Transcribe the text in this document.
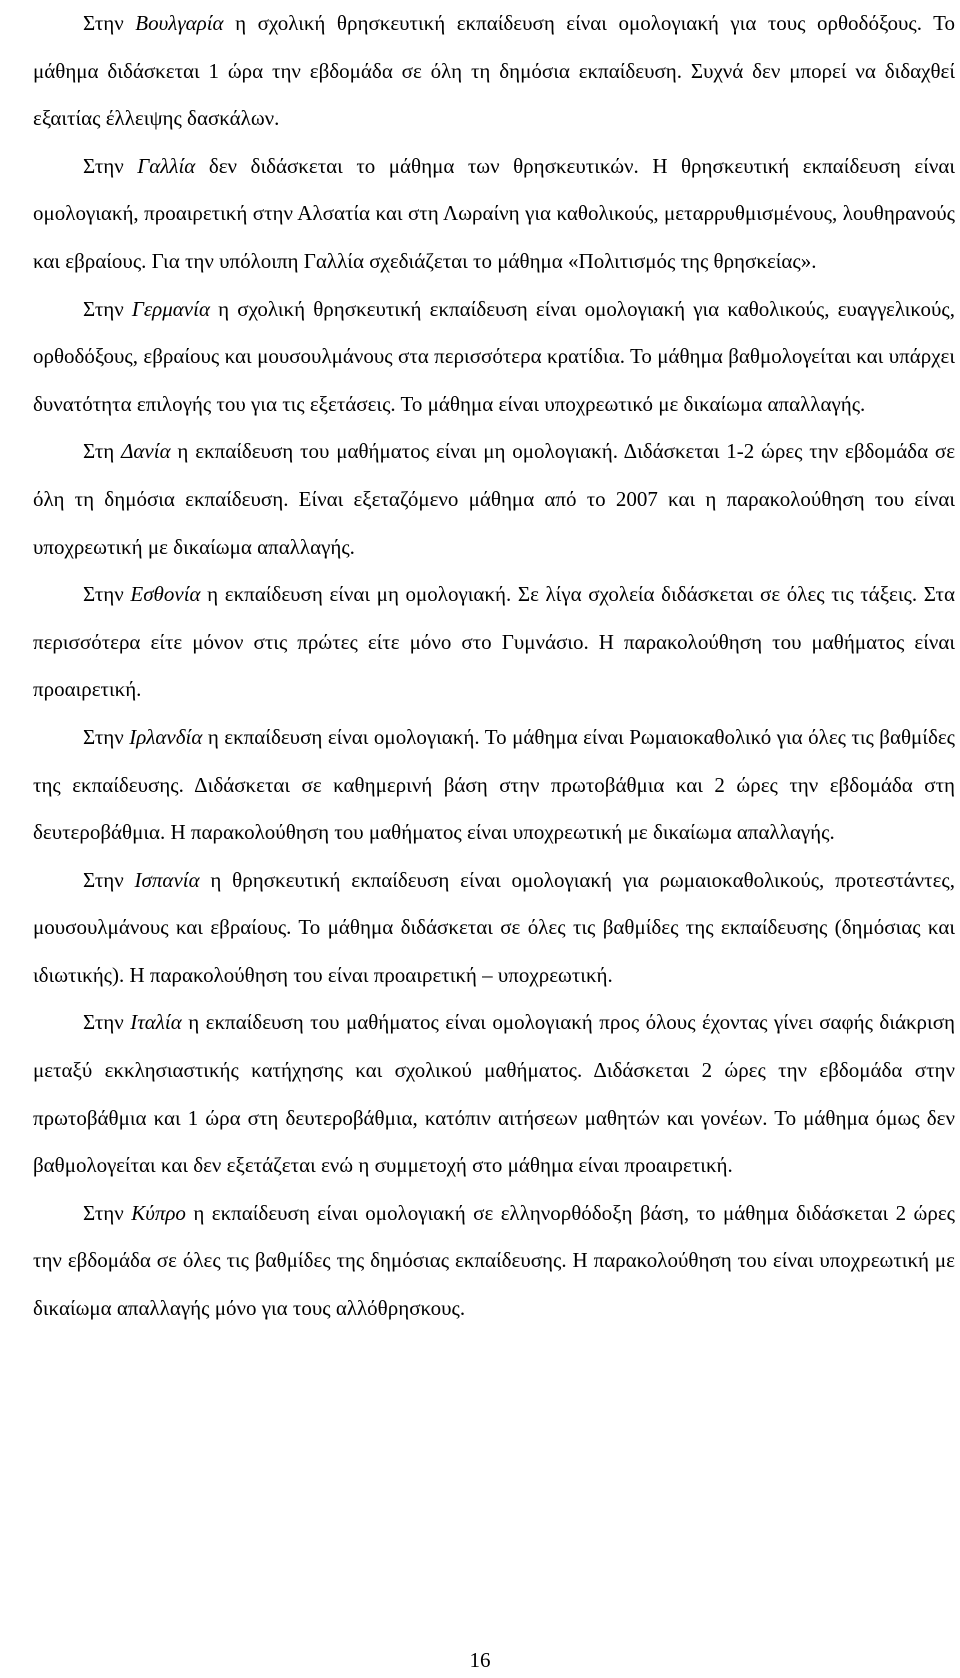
Στην Βουλγαρία η σχολική θρησκευτική εκπαίδευση είναι ομολογιακή για τους ορθοδόξους. Το μάθημα διδάσκεται 1 ώρα την εβδομάδα σε όλη τη δημόσια εκπαίδευση. Συχνά δεν μπορεί να διδαχθεί εξαιτίας έλλειψης δασκάλων.

Στην Γαλλία δεν διδάσκεται το μάθημα των θρησκευτικών. Η θρησκευτική εκπαίδευση είναι ομολογιακή, προαιρετική στην Αλσατία και στη Λωραίνη για καθολικούς, μεταρρυθμισμένους, λουθηρανούς και εβραίους. Για την υπόλοιπη Γαλλία σχεδιάζεται το μάθημα «Πολιτισμός της θρησκείας».

Στην Γερμανία η σχολική θρησκευτική εκπαίδευση είναι ομολογιακή για καθολικούς, ευαγγελικούς, ορθοδόξους, εβραίους και μουσουλμάνους στα περισσότερα κρατίδια. Το μάθημα βαθμολογείται και υπάρχει δυνατότητα επιλογής του για τις εξετάσεις. Το μάθημα είναι υποχρεωτικό με δικαίωμα απαλλαγής.

Στη Δανία η εκπαίδευση του μαθήματος είναι μη ομολογιακή. Διδάσκεται 1-2 ώρες την εβδομάδα σε όλη τη δημόσια εκπαίδευση. Είναι εξεταζόμενο μάθημα από το 2007 και η παρακολούθηση του είναι υποχρεωτική με δικαίωμα απαλλαγής.

Στην Εσθονία η εκπαίδευση είναι μη ομολογιακή. Σε λίγα σχολεία διδάσκεται σε όλες τις τάξεις. Στα περισσότερα είτε μόνον στις πρώτες είτε μόνο στο Γυμνάσιο. Η παρακολούθηση του μαθήματος είναι προαιρετική.

Στην Ιρλανδία η εκπαίδευση είναι ομολογιακή. Το μάθημα είναι Ρωμαιοκαθολικό για όλες τις βαθμίδες της εκπαίδευσης. Διδάσκεται σε καθημερινή βάση στην πρωτοβάθμια και 2 ώρες την εβδομάδα στη δευτεροβάθμια. Η παρακολούθηση του μαθήματος είναι υποχρεωτική με δικαίωμα απαλλαγής.

Στην Ισπανία η θρησκευτική εκπαίδευση είναι ομολογιακή για ρωμαιοκαθολικούς, προτεστάντες, μουσουλμάνους και εβραίους. Το μάθημα διδάσκεται σε όλες τις βαθμίδες της εκπαίδευσης (δημόσιας και ιδιωτικής). Η παρακολούθηση του είναι προαιρετική – υποχρεωτική.

Στην Ιταλία η εκπαίδευση του μαθήματος είναι ομολογιακή προς όλους έχοντας γίνει σαφής διάκριση μεταξύ εκκλησιαστικής κατήχησης και σχολικού μαθήματος. Διδάσκεται 2 ώρες την εβδομάδα στην πρωτοβάθμια και 1 ώρα στη δευτεροβάθμια, κατόπιν αιτήσεων μαθητών και γονέων. Το μάθημα όμως δεν βαθμολογείται και δεν εξετάζεται ενώ η συμμετοχή στο μάθημα είναι προαιρετική.

Στην Κύπρο η εκπαίδευση είναι ομολογιακή σε ελληνορθόδοξη βάση, το μάθημα διδάσκεται 2 ώρες την εβδομάδα σε όλες τις βαθμίδες της δημόσιας εκπαίδευσης. Η παρακολούθηση του είναι υποχρεωτική με δικαίωμα απαλλαγής μόνο για τους αλλόθρησκους.

16
